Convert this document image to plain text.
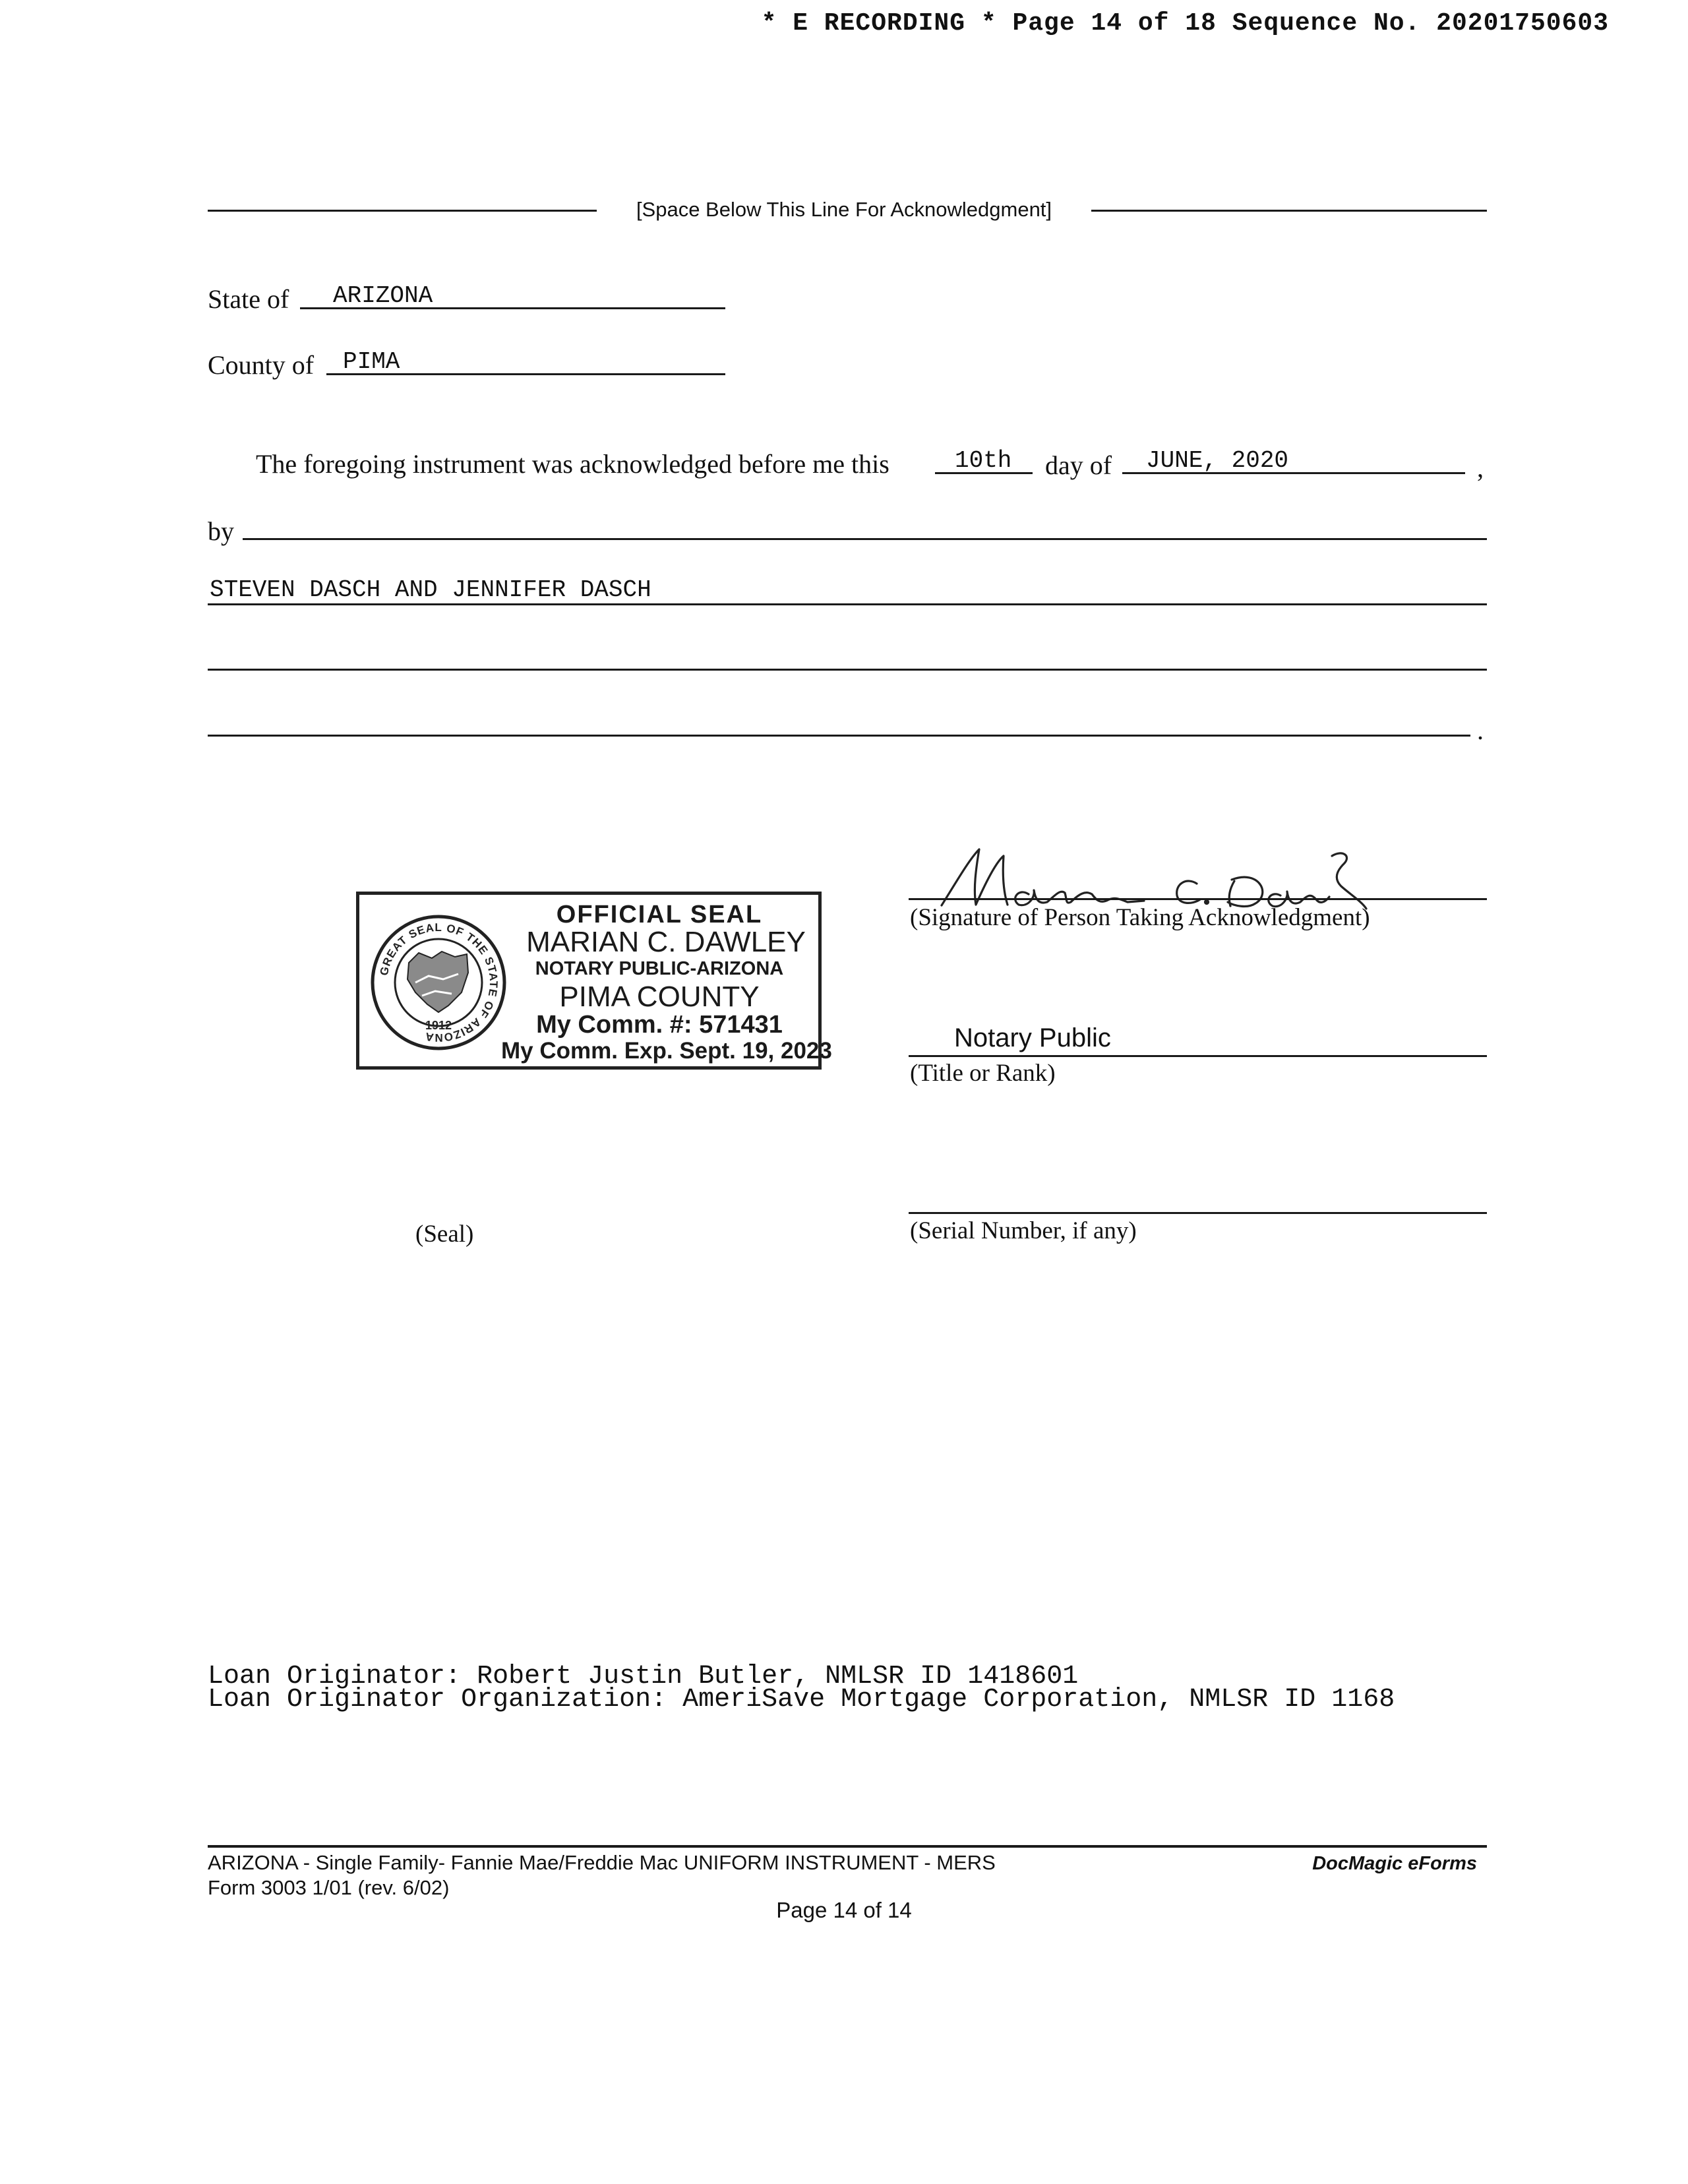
* E RECORDING * Page 14 of 18 Sequence No. 20201750603
[Space Below This Line For Acknowledgment]
State of ARIZONA
County of PIMA
The foregoing instrument was acknowledged before me this	10th day of JUNE, 2020	,
by
STEVEN DASCH AND JENNIFER DASCH
.
(Signature of Person Taking Acknowledgment)
GREAT SEAL OF THE STATE OF ARIZONA
1912
OFFICIAL SEAL
MARIAN C. DAWLEY
NOTARY PUBLIC-ARIZONA
PIMA COUNTY
My Comm. #: 571431
My Comm. Exp. Sept. 19, 2023	Notary Public
(Title or Rank)
(Serial Number, if any)
(Seal)
Loan Originator: Robert Justin Butler, NMLSR ID 1418601
Loan Originator Organization: AmeriSave Mortgage Corporation, NMLSR ID 1168
ARIZONA - Single Family- Fannie Mae/Freddie Mac UNIFORM INSTRUMENT - MERS
Form 3003 1/01 (rev. 6/02)
DocMagic eForms
Page 14 of 14
